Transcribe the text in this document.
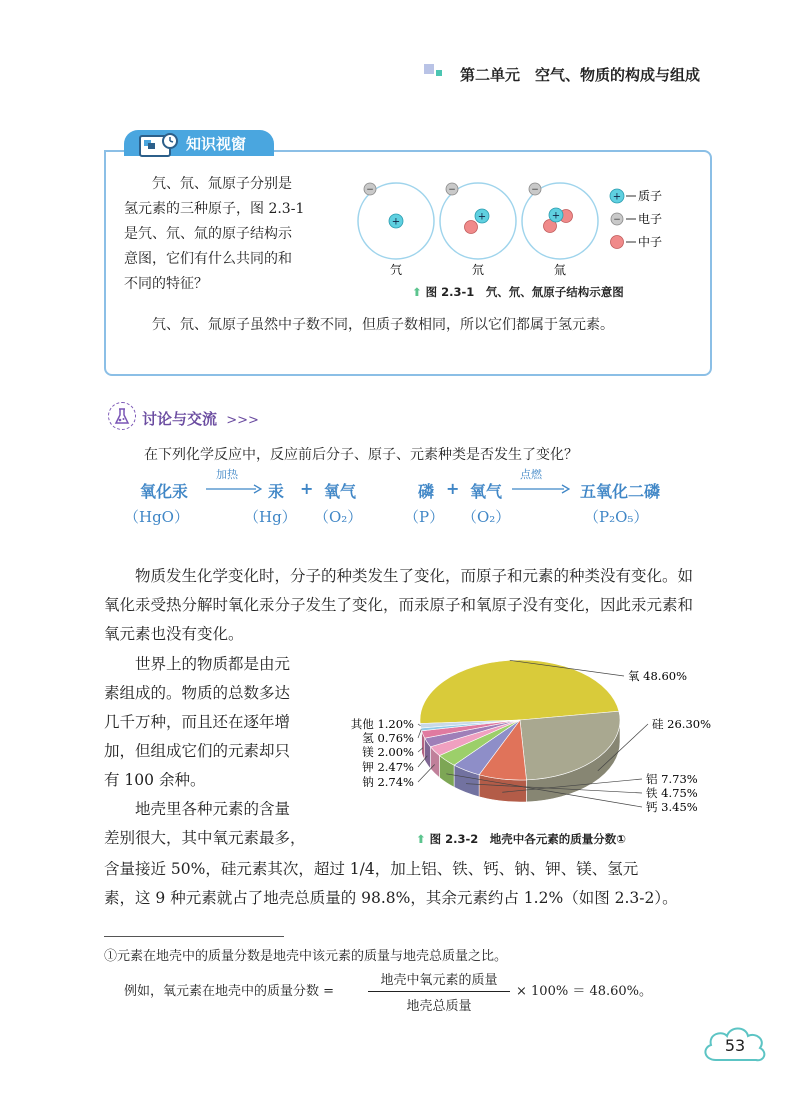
第二单元　空气、物质的构成与组成
知识视窗

氕、氘、氚原子分别是

氢元素的三种原子，图 2.3-1
是氕、氘、氚的原子结构示
意图，它们有什么共同的和
不同的特征？
氕、氘、氚原子虽然中子数不同，但质子数相同，所以它们都属于氢元素。
−
+
−
+
−
+
氕	氘	氚
+ 质子
− 电子
中子
⬆ 图 2.3-1　氕、氘、氚原子结构示意图
讨论与交流 >>>
在下列化学反应中，反应前后分子、原子、元素种类是否发生了变化？
氧化汞
（HgO）
加热
→ 汞
（Hg）
+ 氧气
（O₂）
磷
（P）
+ 氧气
（O₂）
点燃
→ 五氧化二磷
（P₂O₅）
物质发生化学变化时，分子的种类发生了变化，而原子和元素的种类没有变化。如氧化汞受热分解时氧化汞分子发生了变化，而汞原子和氧原子没有变化，因此汞元素和氧元素也没有变化。
　　世界上的物质都是由元
素组成的。物质的总数多达
几千万种，而且还在逐年增
加，但组成它们的元素却只
有 100 余种。
　　地壳里各种元素的含量
差别很大，其中氧元素最多，
含量接近 50%，硅元素其次，超过 1/4，加上铝、铁、钙、钠、钾、镁、氢元
素，这 9 种元素就占了地壳总质量的 98.8%，其余元素约占 1.2%（如图 2.3-2）。
氧 48.60%
硅 26.30%
铝 7.73%
铁 4.75%
钙 3.45%
钠 2.74%
钾 2.47%
镁 2.00%
氢 0.76%
其他 1.20%
⬆ 图 2.3-2　地壳中各元素的质量分数①
①元素在地壳中的质量分数是地壳中该元素的质量与地壳总质量之比。
例如，氧元素在地壳中的质量分数 =
地壳中氧元素的质量
地壳总质量
× 100% ＝ 48.60%。
53
